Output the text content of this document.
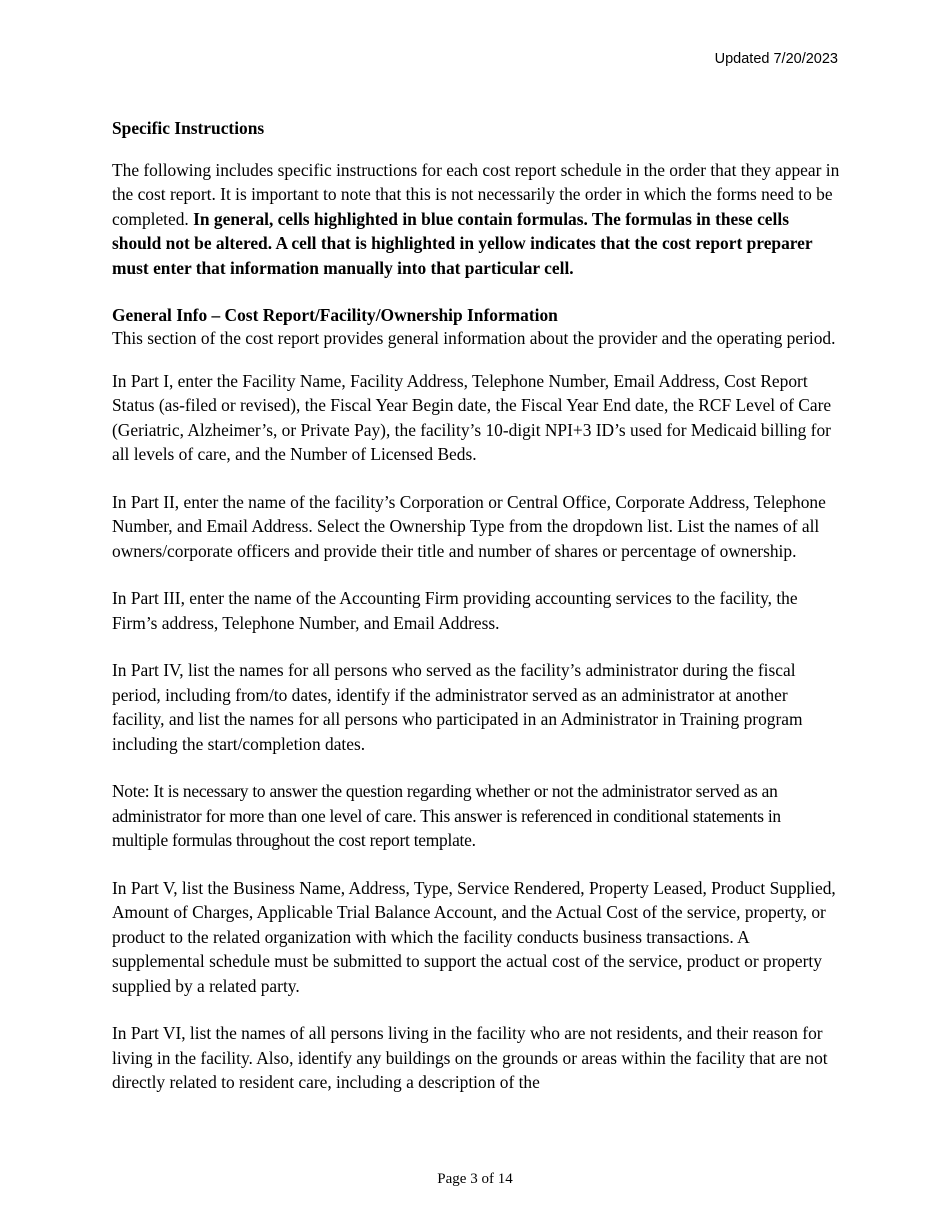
Updated 7/20/2023

Specific Instructions

The following includes specific instructions for each cost report schedule in the order that they appear in the cost report. It is important to note that this is not necessarily the order in which the forms need to be completed. In general, cells highlighted in blue contain formulas. The formulas in these cells should not be altered. A cell that is highlighted in yellow indicates that the cost report preparer must enter that information manually into that particular cell.

General Info – Cost Report/Facility/Ownership Information

This section of the cost report provides general information about the provider and the operating period.

In Part I, enter the Facility Name, Facility Address, Telephone Number, Email Address, Cost Report Status (as-filed or revised), the Fiscal Year Begin date, the Fiscal Year End date, the RCF Level of Care (Geriatric, Alzheimer’s, or Private Pay), the facility’s 10-digit NPI+3 ID’s used for Medicaid billing for all levels of care, and the Number of Licensed Beds.

In Part II, enter the name of the facility’s Corporation or Central Office, Corporate Address, Telephone Number, and Email Address. Select the Ownership Type from the dropdown list. List the names of all owners/corporate officers and provide their title and number of shares or percentage of ownership.

In Part III, enter the name of the Accounting Firm providing accounting services to the facility, the Firm’s address, Telephone Number, and Email Address.

In Part IV, list the names for all persons who served as the facility’s administrator during the fiscal period, including from/to dates, identify if the administrator served as an administrator at another facility, and list the names for all persons who participated in an Administrator in Training program including the start/completion dates.

Note: It is necessary to answer the question regarding whether or not the administrator served as an administrator for more than one level of care. This answer is referenced in conditional statements in multiple formulas throughout the cost report template.

In Part V, list the Business Name, Address, Type, Service Rendered, Property Leased, Product Supplied, Amount of Charges, Applicable Trial Balance Account, and the Actual Cost of the service, property, or product to the related organization with which the facility conducts business transactions. A supplemental schedule must be submitted to support the actual cost of the service, product or property supplied by a related party.

In Part VI, list the names of all persons living in the facility who are not residents, and their reason for living in the facility. Also, identify any buildings on the grounds or areas within the facility that are not directly related to resident care, including a description of the

Page 3 of 14
